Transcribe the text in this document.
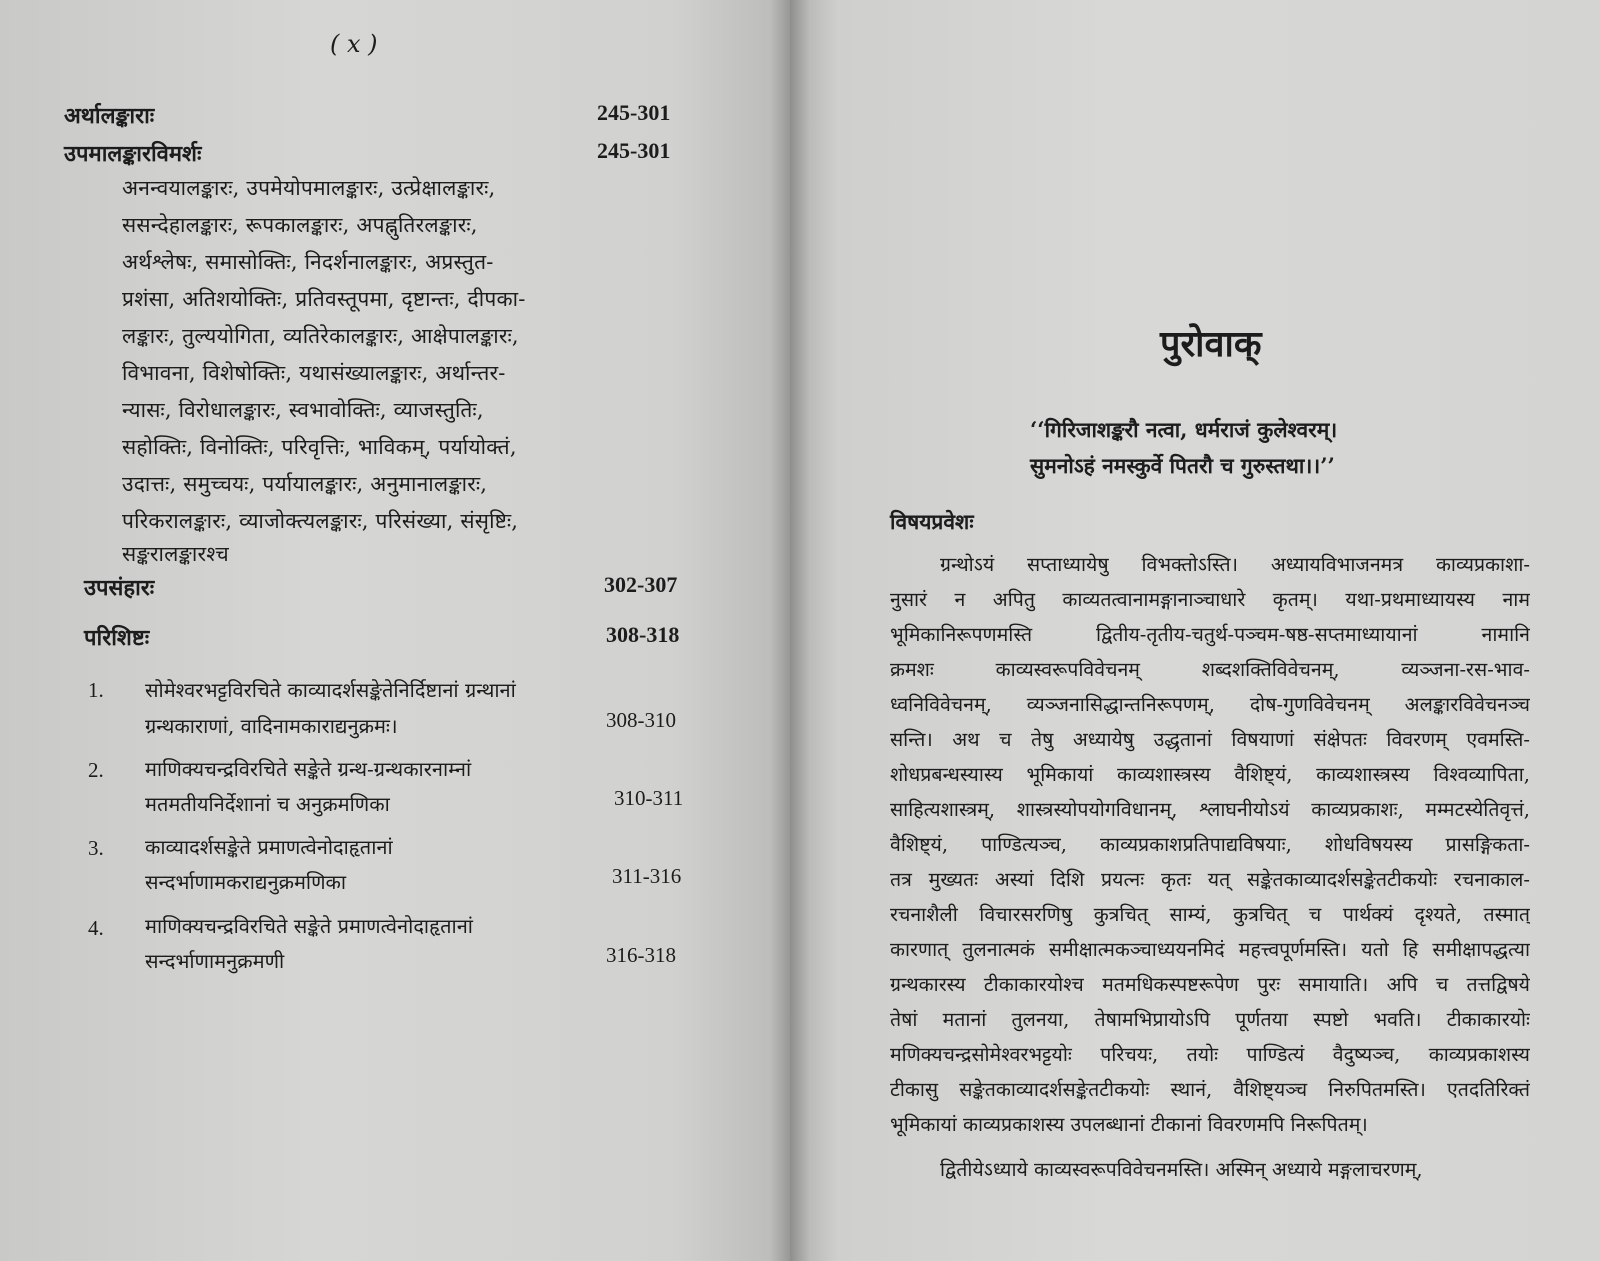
( x )
अर्थालङ्काराः	245-301
उपमालङ्कारविमर्शः	245-301
अनन्वयालङ्कारः, उपमेयोपमालङ्कारः, उत्प्रेक्षालङ्कारः,
ससन्देहालङ्कारः, रूपकालङ्कारः, अपह्नुतिरलङ्कारः,
अर्थश्लेषः, समासोक्तिः, निदर्शनालङ्कारः, अप्रस्तुत-
प्रशंसा, अतिशयोक्तिः, प्रतिवस्तूपमा, दृष्टान्तः, दीपका-
लङ्कारः, तुल्ययोगिता, व्यतिरेकालङ्कारः, आक्षेपालङ्कारः,
विभावना, विशेषोक्तिः, यथासंख्यालङ्कारः, अर्थान्तर-
न्यासः, विरोधालङ्कारः, स्वभावोक्तिः, व्याजस्तुतिः,
सहोक्तिः, विनोक्तिः, परिवृत्तिः, भाविकम्, पर्यायोक्तं,
उदात्तः, समुच्चयः, पर्यायालङ्कारः, अनुमानालङ्कारः,
परिकरालङ्कारः, व्याजोक्त्यलङ्कारः, परिसंख्या, संसृष्टिः,
सङ्करालङ्कारश्च
उपसंहारः	302-307
परिशिष्टः	308-318
1. सोमेश्वरभट्टविरचिते काव्यादर्शसङ्केतेनिर्दिष्टानां ग्रन्थानां
ग्रन्थकाराणां, वादिनामकाराद्यनुक्रमः।	308-310
2. माणिक्यचन्द्रविरचिते सङ्केते ग्रन्थ-ग्रन्थकारनाम्नां
मतमतीयनिर्देशानां च अनुक्रमणिका	310-311
3. काव्यादर्शसङ्केते प्रमाणत्वेनोदाहृतानां
सन्दर्भाणामकराद्यनुक्रमणिका	311-316
4. माणिक्यचन्द्रविरचिते सङ्केते प्रमाणत्वेनोदाहृतानां
सन्दर्भाणामनुक्रमणी	316-318
पुरोवाक्
‘‘गिरिजाशङ्करौ नत्वा, धर्मराजं कुलेश्वरम्।
सुमनोऽहं नमस्कुर्वे पितरौ च गुरुस्तथा।।’’
विषयप्रवेशः
ग्रन्थोऽयं सप्ताध्यायेषु विभक्तोऽस्ति। अध्यायविभाजनमत्र काव्यप्रकाशा-
नुसारं न अपितु काव्यतत्वानामङ्गानाञ्चाधारे कृतम्। यथा-प्रथमाध्यायस्य नाम
भूमिकानिरूपणमस्ति द्वितीय-तृतीय-चतुर्थ-पञ्चम-षष्ठ-सप्तमाध्यायानां नामानि
क्रमशः काव्यस्वरूपविवेचनम् शब्दशक्तिविवेचनम्, व्यञ्जना-रस-भाव-
ध्वनिविवेचनम्, व्यञ्जनासिद्धान्तनिरूपणम्, दोष-गुणविवेचनम् अलङ्कारविवेचनञ्च
सन्ति। अथ च तेषु अध्यायेषु उद्धृतानां विषयाणां संक्षेपतः विवरणम् एवमस्ति-
शोधप्रबन्धस्यास्य भूमिकायां काव्यशास्त्रस्य वैशिष्ट्यं, काव्यशास्त्रस्य विश्वव्यापिता,
साहित्यशास्त्रम्, शास्त्रस्योपयोगविधानम्, श्लाघनीयोऽयं काव्यप्रकाशः, मम्मटस्येतिवृत्तं,
वैशिष्ट्यं, पाण्डित्यञ्च, काव्यप्रकाशप्रतिपाद्यविषयाः, शोधविषयस्य प्रासङ्गिकता-
तत्र मुख्यतः अस्यां दिशि प्रयत्नः कृतः यत् सङ्केतकाव्यादर्शसङ्केतटीकयोः रचनाकाल-
रचनाशैली विचारसरणिषु कुत्रचित् साम्यं, कुत्रचित् च पार्थक्यं दृश्यते, तस्मात्
कारणात् तुलनात्मकं समीक्षात्मकञ्चाध्ययनमिदं महत्त्वपूर्णमस्ति। यतो हि समीक्षापद्धत्या
ग्रन्थकारस्य टीकाकारयोश्च मतमधिकस्पष्टरूपेण पुरः समायाति। अपि च तत्तद्विषये
तेषां मतानां तुलनया, तेषामभिप्रायोऽपि पूर्णतया स्पष्टो भवति। टीकाकारयोः
मणिक्यचन्द्रसोमेश्वरभट्टयोः परिचयः, तयोः पाण्डित्यं वैदुष्यञ्च, काव्यप्रकाशस्य
टीकासु सङ्केतकाव्यादर्शसङ्केतटीकयोः स्थानं, वैशिष्ट्यञ्च निरुपितमस्ति। एतदतिरिक्तं
भूमिकायां काव्यप्रकाशस्य उपलब्धानां टीकानां विवरणमपि निरूपितम्।
द्वितीयेऽध्याये काव्यस्वरूपविवेचनमस्ति। अस्मिन् अध्याये मङ्गलाचरणम्,
